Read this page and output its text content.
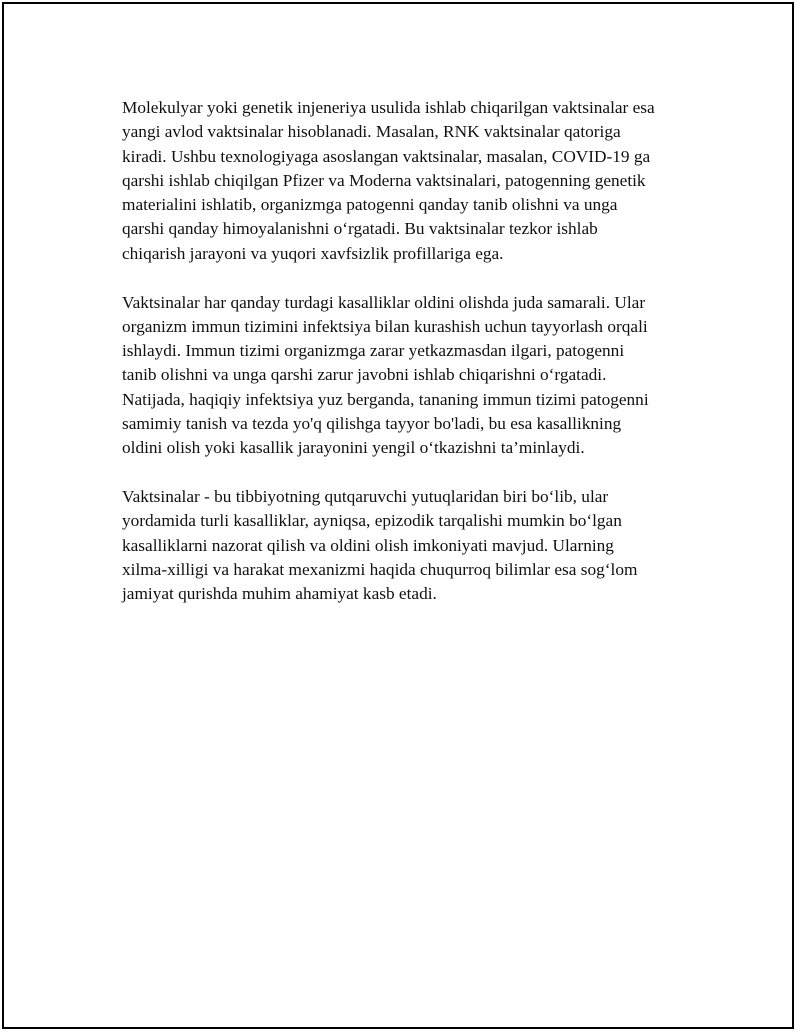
Molekulyar yoki genetik injeneriya usulida ishlab chiqarilgan vaktsinalar esa
yangi avlod vaktsinalar hisoblanadi. Masalan, RNK vaktsinalar qatoriga
kiradi. Ushbu texnologiyaga asoslangan vaktsinalar, masalan, COVID-19 ga
qarshi ishlab chiqilgan Pfizer va Moderna vaktsinalari, patogenning genetik
materialini ishlatib, organizmga patogenni qanday tanib olishni va unga
qarshi qanday himoyalanishni o‘rgatadi. Bu vaktsinalar tezkor ishlab
chiqarish jarayoni va yuqori xavfsizlik profillariga ega.

Vaktsinalar har qanday turdagi kasalliklar oldini olishda juda samarali. Ular
organizm immun tizimini infektsiya bilan kurashish uchun tayyorlash orqali
ishlaydi. Immun tizimi organizmga zarar yetkazmasdan ilgari, patogenni
tanib olishni va unga qarshi zarur javobni ishlab chiqarishni o‘rgatadi.
Natijada, haqiqiy infektsiya yuz berganda, tananing immun tizimi patogenni
samimiy tanish va tezda yo'q qilishga tayyor bo'ladi, bu esa kasallikning
oldini olish yoki kasallik jarayonini yengil o‘tkazishni ta’minlaydi.

Vaktsinalar - bu tibbiyotning qutqaruvchi yutuqlaridan biri bo‘lib, ular
yordamida turli kasalliklar, ayniqsa, epizodik tarqalishi mumkin bo‘lgan
kasalliklarni nazorat qilish va oldini olish imkoniyati mavjud. Ularning
xilma-xilligi va harakat mexanizmi haqida chuqurroq bilimlar esa sog‘lom
jamiyat qurishda muhim ahamiyat kasb etadi.
